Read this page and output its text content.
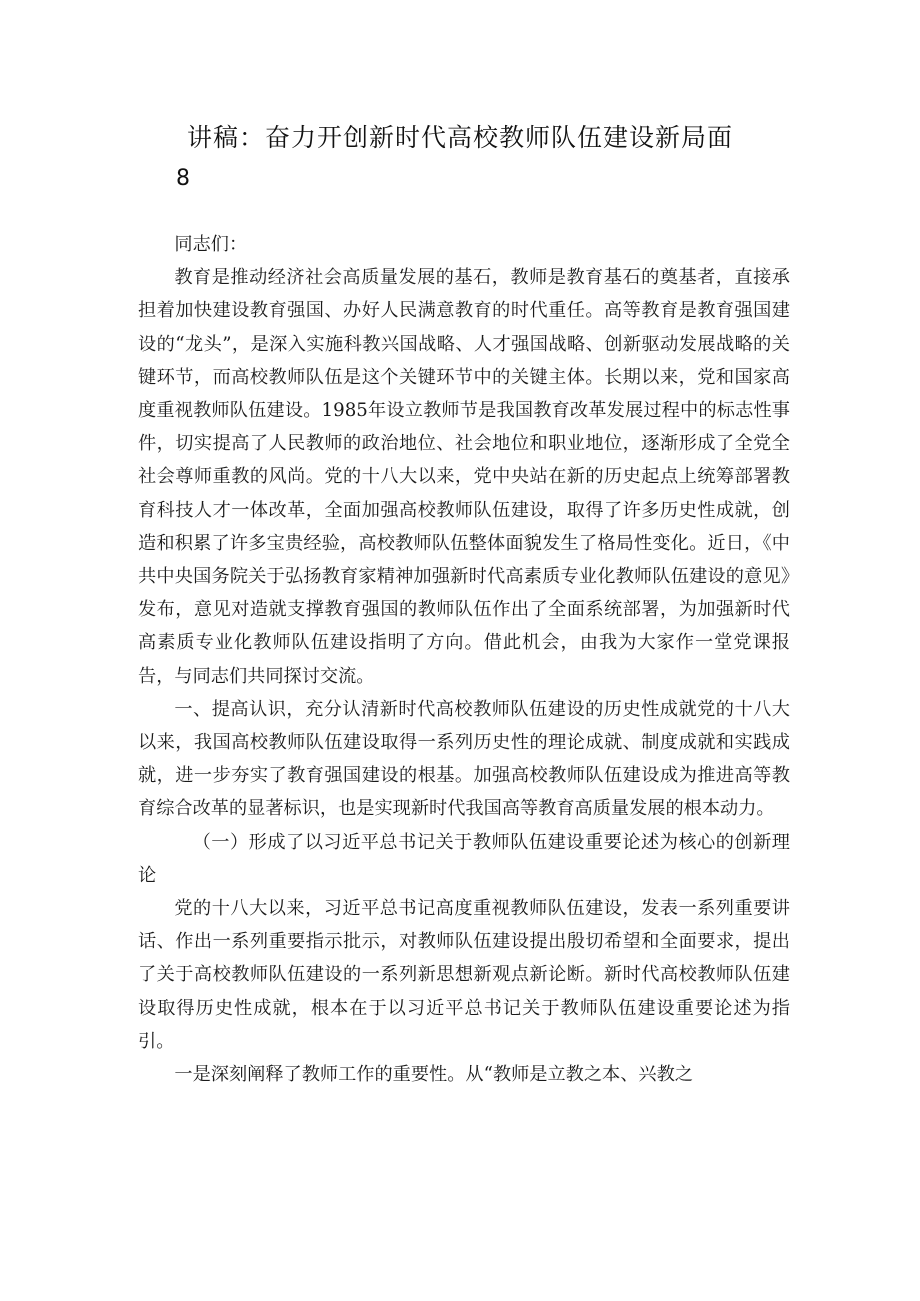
讲稿：奋力开创新时代高校教师队伍建设新局面
8

同志们：

教育是推动经济社会高质量发展的基石，教师是教育基石的奠基者，直接承担着加快建设教育强国、办好人民满意教育的时代重任。高等教育是教育强国建设的“龙头”，是深入实施科教兴国战略、人才强国战略、创新驱动发展战略的关键环节，而高校教师队伍是这个关键环节中的关键主体。长期以来，党和国家高度重视教师队伍建设。1985年设立教师节是我国教育改革发展过程中的标志性事件，切实提高了人民教师的政治地位、社会地位和职业地位，逐渐形成了全党全社会尊师重教的风尚。党的十八大以来，党中央站在新的历史起点上统筹部署教育科技人才一体改革，全面加强高校教师队伍建设，取得了许多历史性成就，创造和积累了许多宝贵经验，高校教师队伍整体面貌发生了格局性变化。近日，《中共中央国务院关于弘扬教育家精神加强新时代高素质专业化教师队伍建设的意见》发布，意见对造就支撑教育强国的教师队伍作出了全面系统部署，为加强新时代高素质专业化教师队伍建设指明了方向。借此机会，由我为大家作一堂党课报告，与同志们共同探讨交流。

一、提高认识，充分认清新时代高校教师队伍建设的历史性成就党的十八大以来，我国高校教师队伍建设取得一系列历史性的理论成就、制度成就和实践成就，进一步夯实了教育强国建设的根基。加强高校教师队伍建设成为推进高等教育综合改革的显著标识，也是实现新时代我国高等教育高质量发展的根本动力。

（一）形成了以习近平总书记关于教师队伍建设重要论述为核心的创新理论

党的十八大以来，习近平总书记高度重视教师队伍建设，发表一系列重要讲话、作出一系列重要指示批示，对教师队伍建设提出殷切希望和全面要求，提出了关于高校教师队伍建设的一系列新思想新观点新论断。新时代高校教师队伍建设取得历史性成就，根本在于以习近平总书记关于教师队伍建设重要论述为指引。

一是深刻阐释了教师工作的重要性。从“教师是立教之本、兴教之
